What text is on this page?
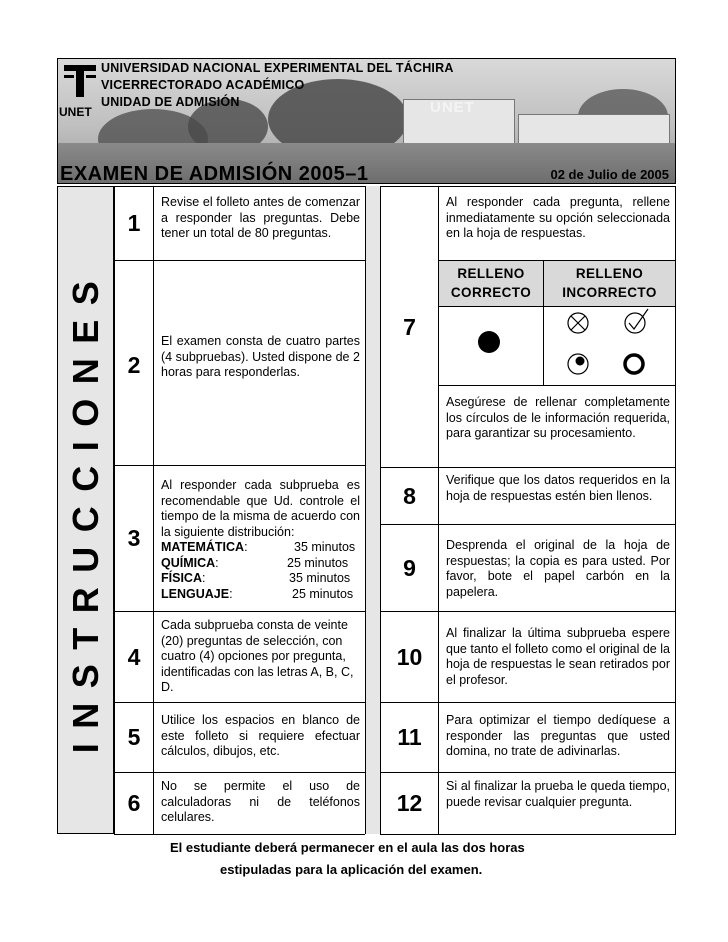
UNET
UNIVERSIDAD NACIONAL EXPERIMENTAL DEL TÁCHIRA
VICERRECTORADO ACADÉMICO
UNIDAD DE ADMISIÓN	UNET
EXAMEN DE ADMISIÓN 2005–1	02 de Julio de 2005
INSTRUCCIONES
1
Revise el folleto antes de comenzar a responder las preguntas. Debe tener un total de 80 preguntas.
2
El examen consta de cuatro partes (4 subpruebas). Usted dispone de 2 horas para responderlas.
3

Al responder cada subprueba es recomendable que Ud. controle el tiempo de la misma de acuerdo con la siguiente distribución:

MATEMÁTICA:	35 minutos
QUÍMICA:	25 minutos
FÍSICA:	35 minutos
LENGUAJE:	25 minutos
4
Cada subprueba consta de veinte (20) preguntas de selección, con cuatro (4) opciones por pregunta, identificadas con las letras A, B, C, D.
5
Utilice los espacios en blanco de este folleto si requiere efectuar cálculos, dibujos, etc.
6
No se permite el uso de calculadoras ni de teléfonos celulares.
7
Al responder cada pregunta, rellene inmediatamente su opción seleccionada en la hoja de respuestas.
RELLENO CORRECTO
RELLENO INCORRECTO
Asegúrese de rellenar completamente los círculos de le información requerida, para garantizar su procesamiento.
8
Verifique que los datos requeridos en la hoja de respuestas estén bien llenos.
9
Desprenda el original de la hoja de respuestas; la copia es para usted. Por favor, bote el papel carbón en la papelera.
10
Al finalizar la última subprueba espere que tanto el folleto como el original de la hoja de respuestas le sean retirados por el profesor.
11
Para optimizar el tiempo dedíquese a responder las preguntas que usted domina, no trate de adivinarlas.
12
Si al finalizar la prueba le queda tiempo, puede revisar cualquier pregunta.
El estudiante deberá permanecer en el aula las dos horas
estipuladas para la aplicación del examen.
